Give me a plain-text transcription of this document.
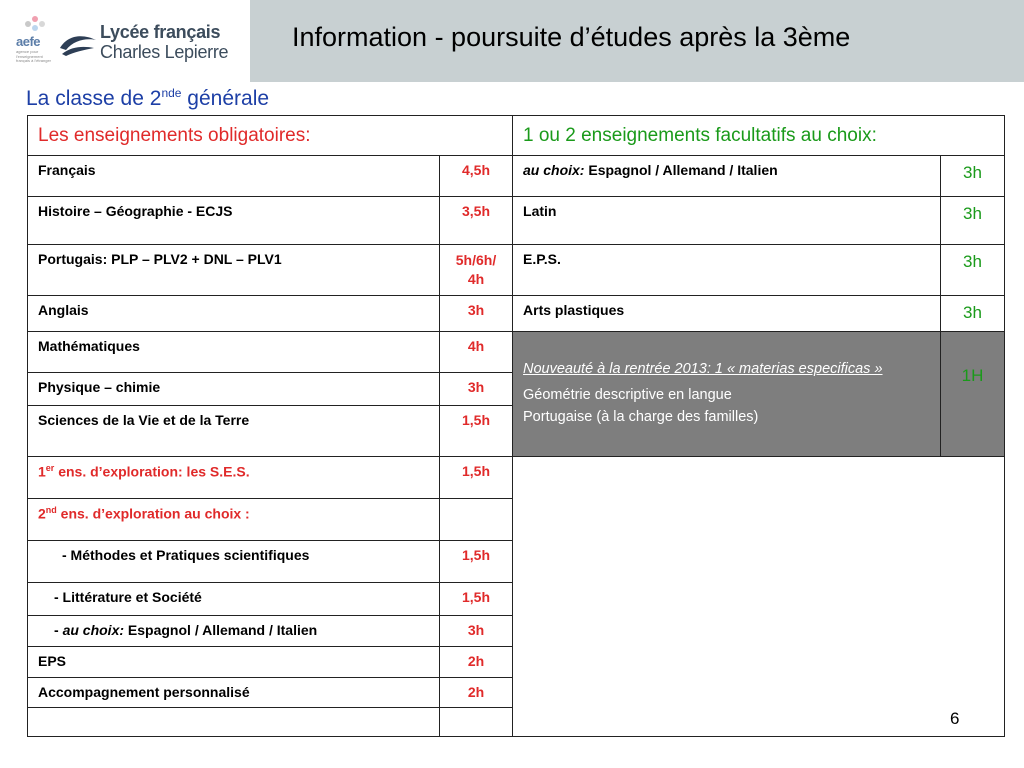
aefe
agence pour l'enseignement français à l'étranger
Lycée français
Charles Lepierre Information - poursuite d’études après la 3ème
La classe de 2nde générale
Les enseignements obligatoires:		1 ou 2 enseignements facultatifs au choix:	

Français	4,5h	au choix: Espagnol / Allemand / Italien	3h

Histoire – Géographie - ECJS	3,5h	Latin	3h

Portugais: PLP – PLV2 + DNL – PLV1	5h/6h/
4h	E.P.S.	3h

Anglais	3h	Arts plastiques	3h

Mathématiques	4h	Nouveauté à la rentrée 2013: 1 « materias especificas »
Géométrie descriptive en langue
Portugaise (à la charge des familles)	1H

Physique – chimie	3h		

Sciences de la Vie et de la Terre	1,5h		

1er ens. d’exploration: les S.E.S.	1,5h		

2nd ens. d’exploration au choix :			

- Méthodes et Pratiques scientifiques	1,5h		

- Littérature et Société	1,5h		

- au choix: Espagnol / Allemand / Italien	3h		

EPS	2h		

Accompagnement personnalisé	2h		

6
